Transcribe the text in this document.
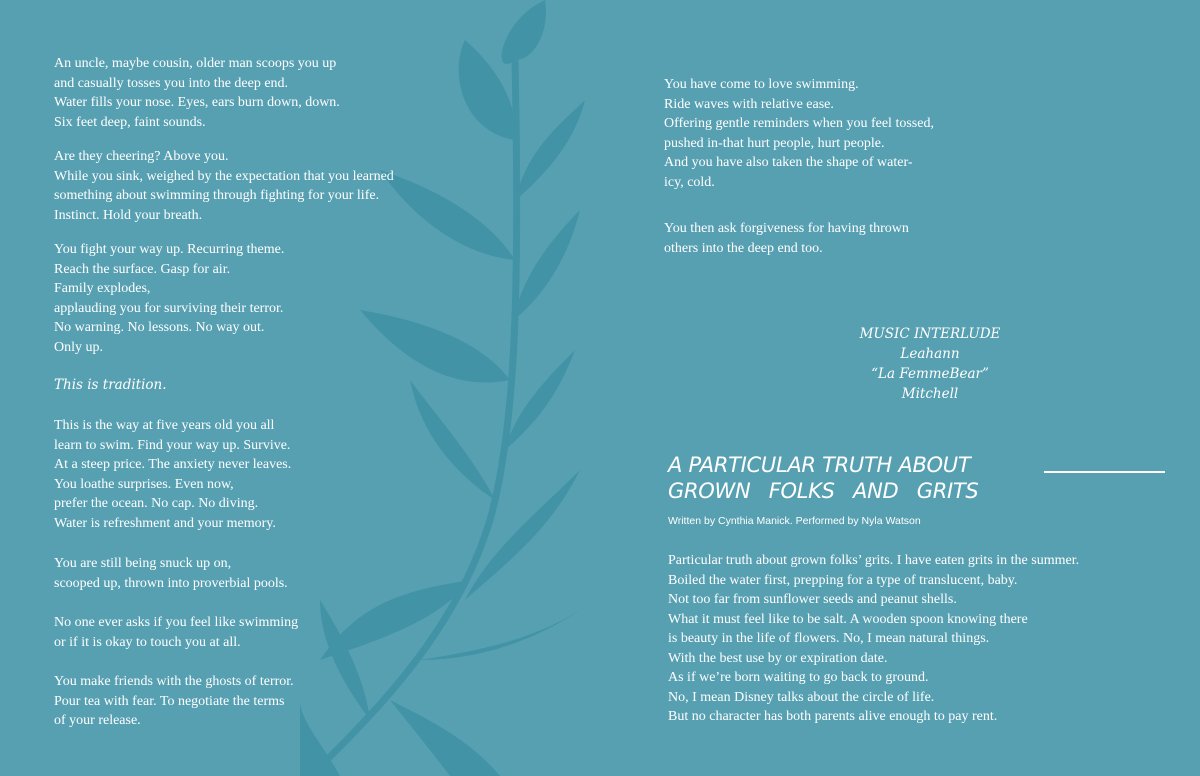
An uncle, maybe cousin, older man scoops you up
and casually tosses you into the deep end.
Water fills your nose. Eyes, ears burn down, down.
Six feet deep, faint sounds.
Are they cheering? Above you.
While you sink, weighed by the expectation that you learned
something about swimming through fighting for your life.
Instinct. Hold your breath.
You fight your way up. Recurring theme.
Reach the surface. Gasp for air.
Family explodes,
applauding you for surviving their terror.
No warning. No lessons. No way out.
Only up.
This is tradition.
This is the way at five years old you all
learn to swim. Find your way up. Survive.
At a steep price. The anxiety never leaves.
You loathe surprises. Even now,
prefer the ocean. No cap. No diving.
Water is refreshment and your memory.
You are still being snuck up on,
scooped up, thrown into proverbial pools.
No one ever asks if you feel like swimming
or if it is okay to touch you at all.
You make friends with the ghosts of terror.
Pour tea with fear. To negotiate the terms
of your release.
You have come to love swimming.
Ride waves with relative ease.
Offering gentle reminders when you feel tossed,
pushed in-that hurt people, hurt people.
And you have also taken the shape of water-
icy, cold.
You then ask forgiveness for having thrown
others into the deep end too.
MUSIC INTERLUDE
Leahann
“La FemmeBear”
Mitchell
A PARTICULAR TRUTH ABOUT
GROWN FOLKS AND GRITS
Written by Cynthia Manick. Performed by Nyla Watson
Particular truth about grown folks’ grits. I have eaten grits in the summer.
Boiled the water first, prepping for a type of translucent, baby.
Not too far from sunflower seeds and peanut shells.
What it must feel like to be salt. A wooden spoon knowing there
is beauty in the life of flowers. No, I mean natural things.
With the best use by or expiration date.
As if we’re born waiting to go back to ground.
No, I mean Disney talks about the circle of life.
But no character has both parents alive enough to pay rent.
